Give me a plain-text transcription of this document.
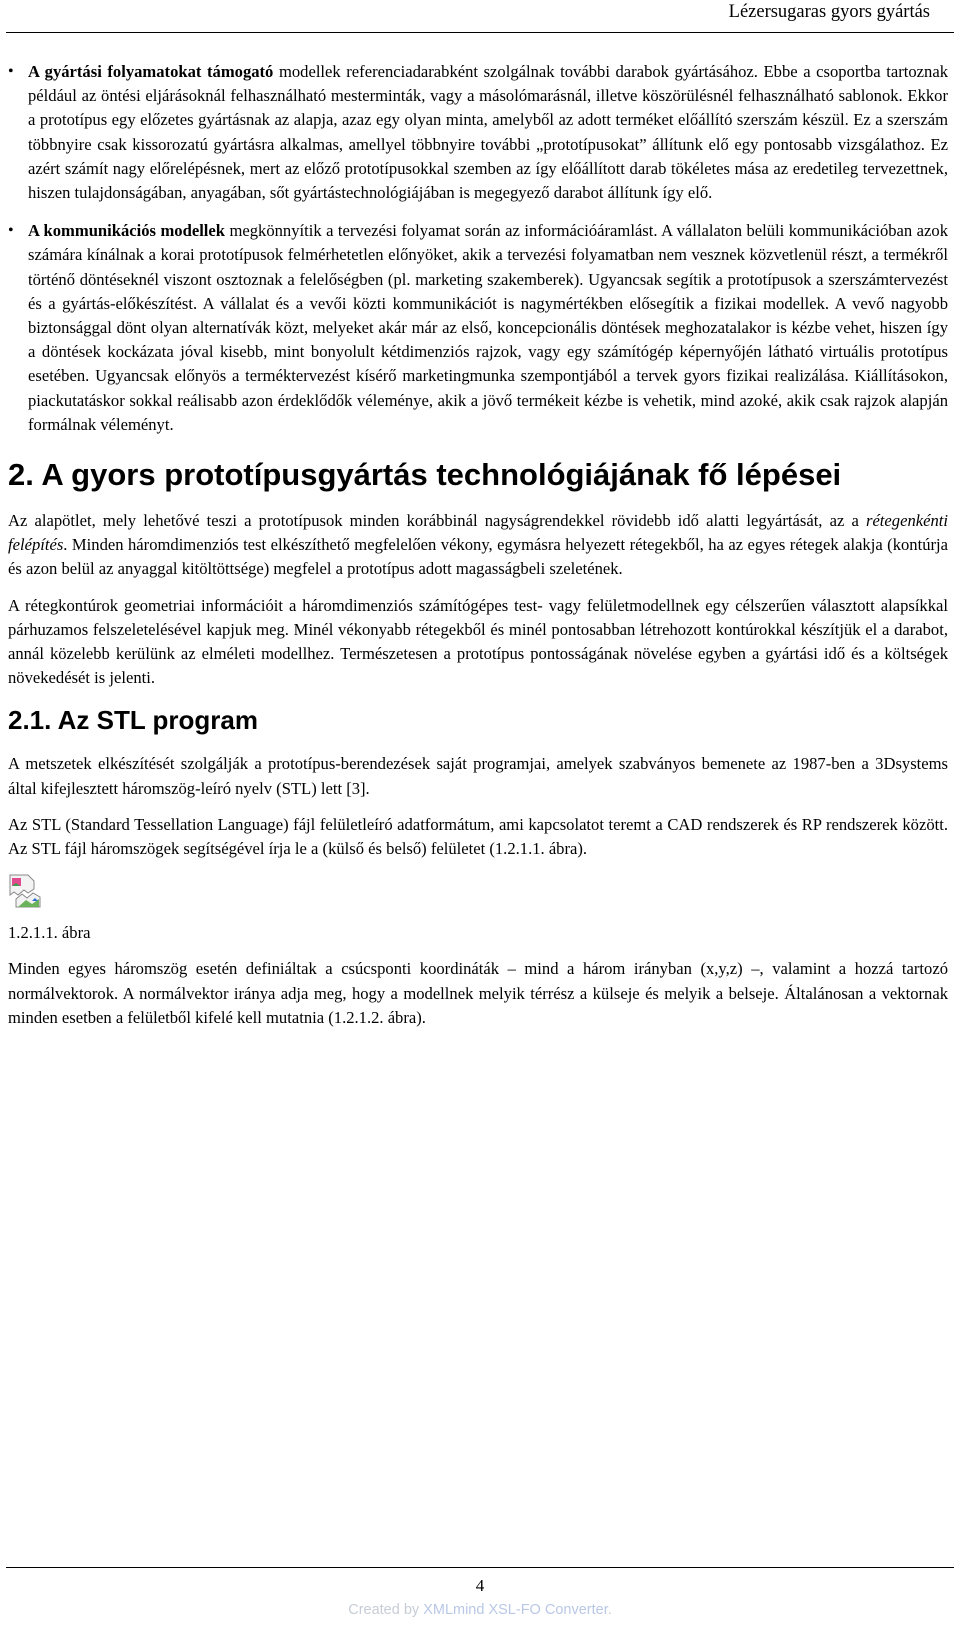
Lézersugaras gyors gyártás
• A gyártási folyamatokat támogató modellek referenciadarabként szolgálnak további darabok gyártásához. Ebbe a csoportba tartoznak például az öntési eljárásoknál felhasználható mesterminták, vagy a másolómarásnál, illetve köszörülésnél felhasználható sablonok. Ekkor a prototípus egy előzetes gyártásnak az alapja, azaz egy olyan minta, amelyből az adott terméket előállító szerszám készül. Ez a szerszám többnyire csak kissorozatú gyártásra alkalmas, amellyel többnyire további „prototípusokat” állítunk elő egy pontosabb vizsgálathoz. Ez azért számít nagy előrelépésnek, mert az előző prototípusokkal szemben az így előállított darab tökéletes mása az eredetileg tervezettnek, hiszen tulajdonságában, anyagában, sőt gyártástechnológiájában is megegyező darabot állítunk így elő.
• A kommunikációs modellek megkönnyítik a tervezési folyamat során az információáramlást. A vállalaton belüli kommunikációban azok számára kínálnak a korai prototípusok felmérhetetlen előnyöket, akik a tervezési folyamatban nem vesznek közvetlenül részt, a termékről történő döntéseknél viszont osztoznak a felelőségben (pl. marketing szakemberek). Ugyancsak segítik a prototípusok a szerszámtervezést és a gyártás-előkészítést. A vállalat és a vevői közti kommunikációt is nagymértékben elősegítik a fizikai modellek. A vevő nagyobb biztonsággal dönt olyan alternatívák közt, melyeket akár már az első, koncepcionális döntések meghozatalakor is kézbe vehet, hiszen így a döntések kockázata jóval kisebb, mint bonyolult kétdimenziós rajzok, vagy egy számítógép képernyőjén látható virtuális prototípus esetében. Ugyancsak előnyös a terméktervezést kísérő marketingmunka szempontjából a tervek gyors fizikai realizálása. Kiállításokon, piackutatáskor sokkal reálisabb azon érdeklődők véleménye, akik a jövő termékeit kézbe is vehetik, mind azoké, akik csak rajzok alapján formálnak véleményt.
2. A gyors prototípusgyártás technológiájának fő lépései

Az alapötlet, mely lehetővé teszi a prototípusok minden korábbinál nagyságrendekkel rövidebb idő alatti legyártását, az a rétegenkénti felépítés. Minden háromdimenziós test elkészíthető megfelelően vékony, egymásra helyezett rétegekből, ha az egyes rétegek alakja (kontúrja és azon belül az anyaggal kitöltöttsége) megfelel a prototípus adott magasságbeli szeletének.

A rétegkontúrok geometriai információit a háromdimenziós számítógépes test- vagy felületmodellnek egy célszerűen választott alapsíkkal párhuzamos felszeletelésével kapjuk meg. Minél vékonyabb rétegekből és minél pontosabban létrehozott kontúrokkal készítjük el a darabot, annál közelebb kerülünk az elméleti modellhez. Természetesen a prototípus pontosságának növelése egyben a gyártási idő és a költségek növekedését is jelenti.

2.1. Az STL program

A metszetek elkészítését szolgálják a prototípus-berendezések saját programjai, amelyek szabványos bemenete az 1987-ben a 3Dsystems által kifejlesztett háromszög-leíró nyelv (STL) lett [3].

Az STL (Standard Tessellation Language) fájl felületleíró adatformátum, ami kapcsolatot teremt a CAD rendszerek és RP rendszerek között. Az STL fájl háromszögek segítségével írja le a (külső és belső) felületet (1.2.1.1. ábra).

1.2.1.1. ábra

Minden egyes háromszög esetén definiáltak a csúcsponti koordináták – mind a három irányban (x,y,z) –, valamint a hozzá tartozó normálvektorok. A normálvektor iránya adja meg, hogy a modellnek melyik térrész a külseje és melyik a belseje. Általánosan a vektornak minden esetben a felületből kifelé kell mutatnia (1.2.1.2. ábra).

4
Created by XMLmind XSL-FO Converter.
